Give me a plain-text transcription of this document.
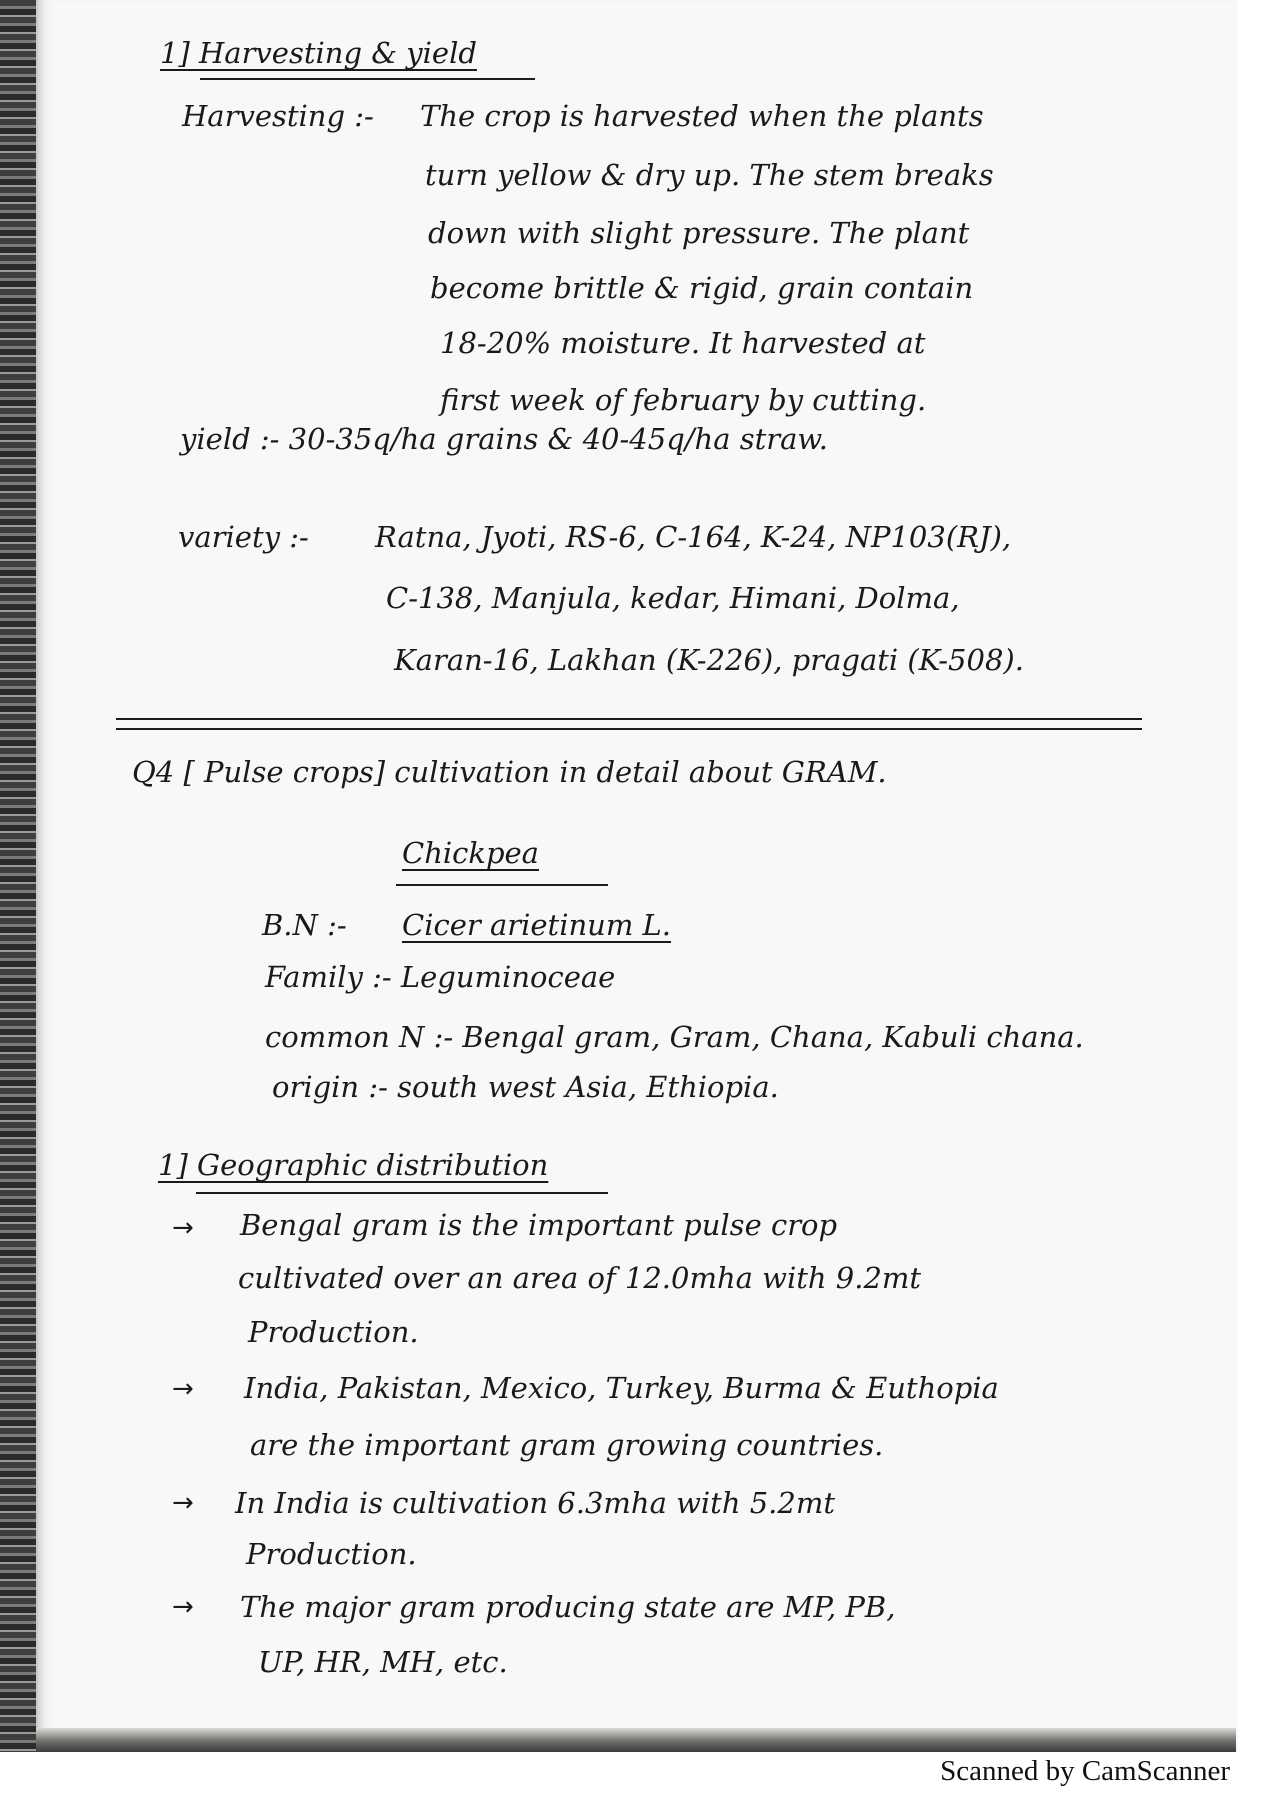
1] Harvesting & yield

Harvesting :- The crop is harvested when the plants

turn yellow & dry up. The stem breaks

down with slight pressure. The plant

become brittle & rigid, grain contain

18-20% moisture. It harvested at

first week of february by cutting.

yield :- 30-35q/ha grains & 40-45q/ha straw.

variety :- Ratna, Jyoti, RS-6, C-164, K-24, NP103(RJ),

C-138, Manjula, kedar, Himani, Dolma,

Karan-16, Lakhan (K-226), pragati (K-508).

Q4 [ Pulse crops] cultivation in detail about GRAM.

Chickpea

B.N :- Cicer arietinum L.

Family :- Leguminoceae

common N :- Bengal gram, Gram, Chana, Kabuli chana.

origin :- south west Asia, Ethiopia.

1] Geographic distribution

→ Bengal gram is the important pulse crop

cultivated over an area of 12.0mha with 9.2mt

Production.

→ India, Pakistan, Mexico, Turkey, Burma & Euthopia

are the important gram growing countries.

→ In India is cultivation 6.3mha with 5.2mt

Production.

→ The major gram producing state are MP, PB,

UP, HR, MH, etc.

Scanned by CamScanner
